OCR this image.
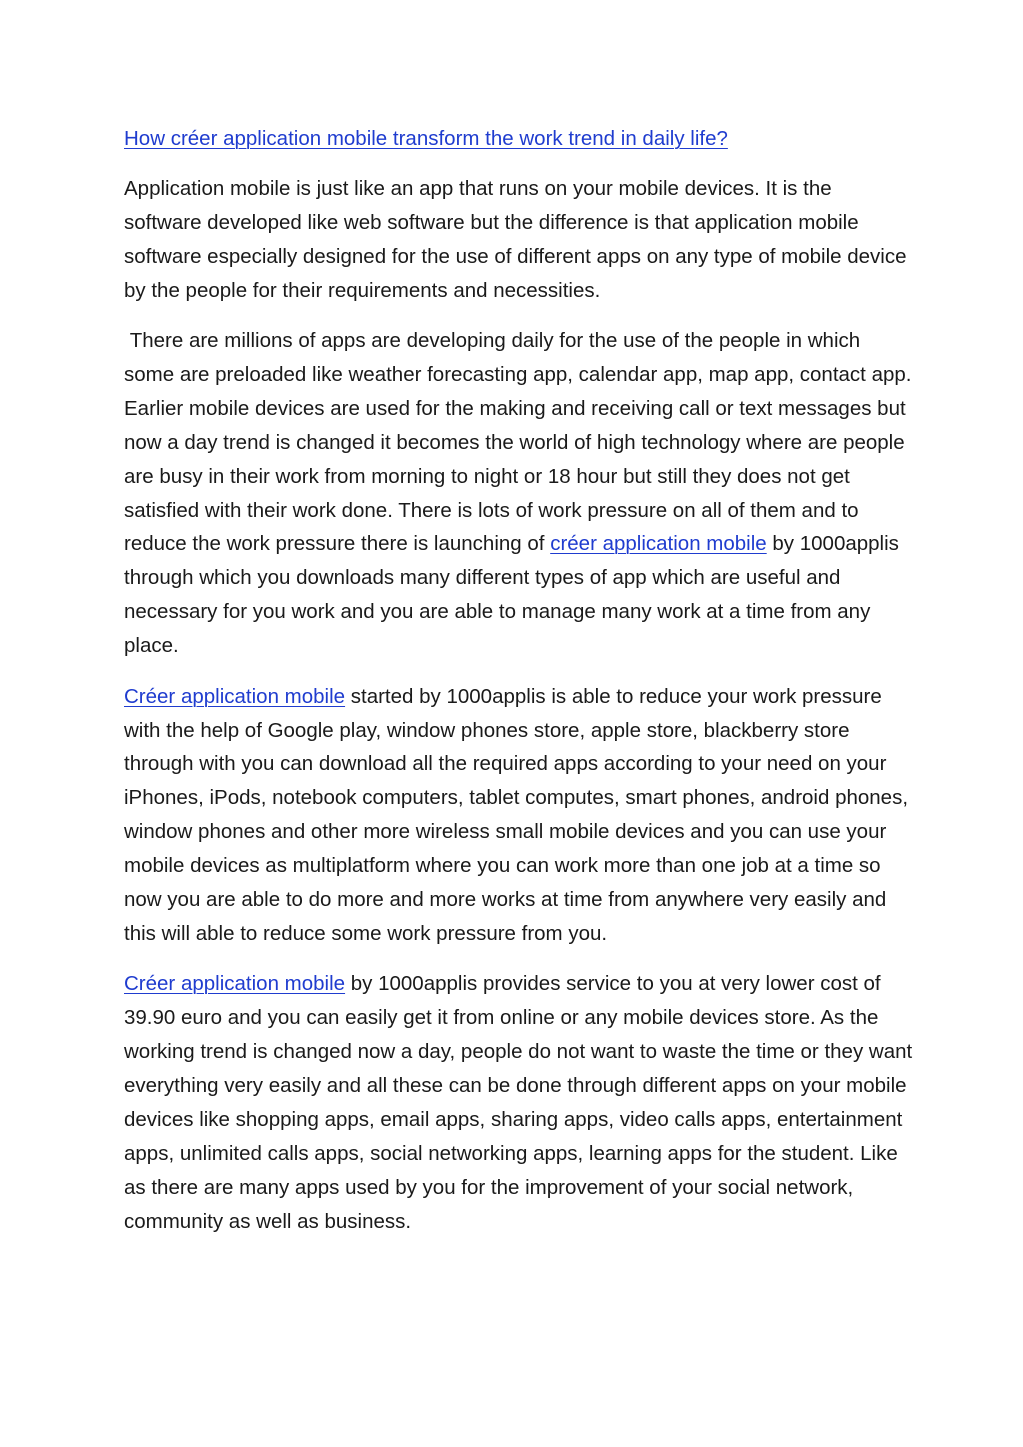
How créer application mobile transform the work trend in daily life?

Application mobile is just like an app that runs on your mobile devices. It is the software developed like web software but the difference is that application mobile software especially designed for the use of different apps on any type of mobile device by the people for their requirements and necessities.

There are millions of apps are developing daily for the use of the people in which some are preloaded like weather forecasting app, calendar app, map app, contact app. Earlier mobile devices are used for the making and receiving call or text messages but now a day trend is changed it becomes the world of high technology where are people are busy in their work from morning to night or 18 hour but still they does not get satisfied with their work done. There is lots of work pressure on all of them and to reduce the work pressure there is launching of créer application mobile by 1000applis through which you downloads many different types of app which are useful and necessary for you work and you are able to manage many work at a time from any place.

Créer application mobile started by 1000applis is able to reduce your work pressure with the help of Google play, window phones store, apple store, blackberry store through with you can download all the required apps according to your need on your iPhones, iPods, notebook computers, tablet computes, smart phones, android phones, window phones and other more wireless small mobile devices and you can use your mobile devices as multiplatform where you can work more than one job at a time so now you are able to do more and more works at time from anywhere very easily and this will able to reduce some work pressure from you.

Créer application mobile by 1000applis provides service to you at very lower cost of 39.90 euro and you can easily get it from online or any mobile devices store. As the working trend is changed now a day, people do not want to waste the time or they want everything very easily and all these can be done through different apps on your mobile devices like shopping apps, email apps, sharing apps, video calls apps, entertainment apps, unlimited calls apps, social networking apps, learning apps for the student. Like as there are many apps used by you for the improvement of your social network, community as well as business.
